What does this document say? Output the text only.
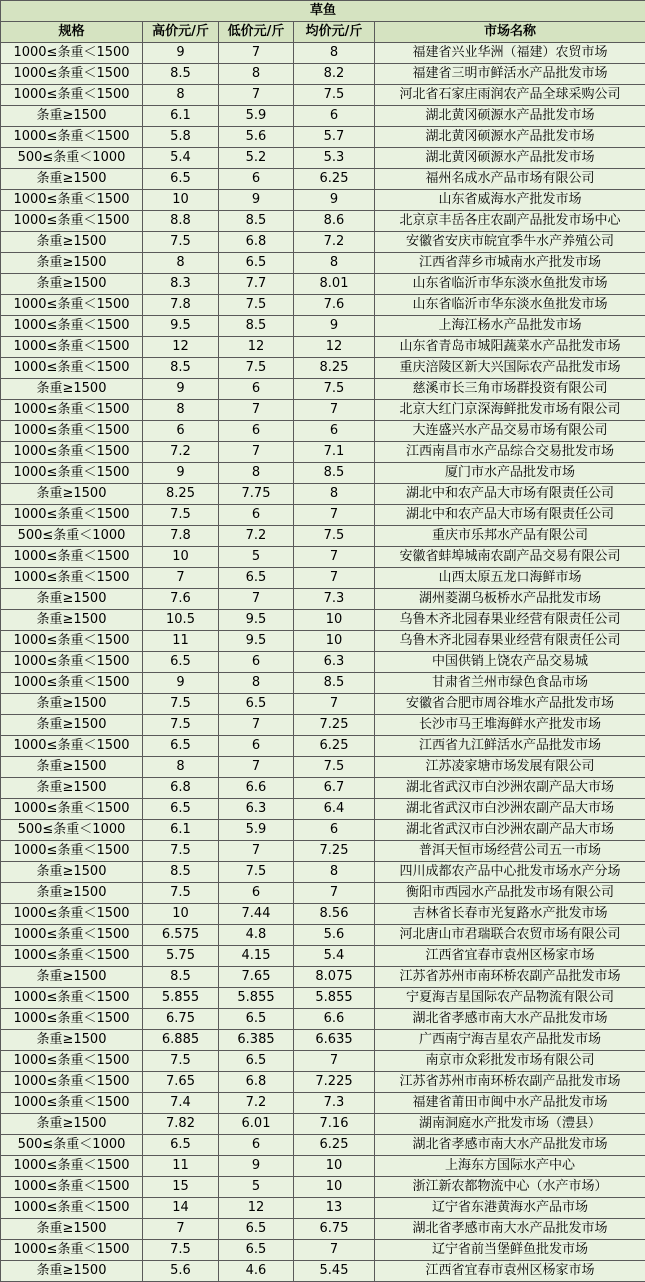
草鱼				
规格	高价元/斤	低价元/斤	均价元/斤	市场名称
1000≤条重＜1500	9	7	8	福建省兴业华洲（福建）农贸市场
1000≤条重＜1500	8.5	8	8.2	福建省三明市鲜活水产品批发市场
1000≤条重＜1500	8	7	7.5	河北省石家庄雨润农产品全球采购公司
条重≥1500	6.1	5.9	6	湖北黄冈硕源水产品批发市场
1000≤条重＜1500	5.8	5.6	5.7	湖北黄冈硕源水产品批发市场
500≤条重＜1000	5.4	5.2	5.3	湖北黄冈硕源水产品批发市场
条重≥1500	6.5	6	6.25	福州名成水产品市场有限公司
1000≤条重＜1500	10	9	9	山东省威海水产批发市场
1000≤条重＜1500	8.8	8.5	8.6	北京京丰岳各庄农副产品批发市场中心
条重≥1500	7.5	6.8	7.2	安徽省安庆市皖宜季牛水产养殖公司
条重≥1500	8	6.5	8	江西省萍乡市城南水产批发市场
条重≥1500	8.3	7.7	8.01	山东省临沂市华东淡水鱼批发市场
1000≤条重＜1500	7.8	7.5	7.6	山东省临沂市华东淡水鱼批发市场
1000≤条重＜1500	9.5	8.5	9	上海江杨水产品批发市场
1000≤条重＜1500	12	12	12	山东省青岛市城阳蔬菜水产品批发市场
1000≤条重＜1500	8.5	7.5	8.25	重庆涪陵区新大兴国际农产品批发市场
条重≥1500	9	6	7.5	慈溪市长三角市场群投资有限公司
1000≤条重＜1500	8	7	7	北京大红门京深海鲜批发市场有限公司
1000≤条重＜1500	6	6	6	大连盛兴水产品交易市场有限公司
1000≤条重＜1500	7.2	7	7.1	江西南昌市水产品综合交易批发市场
1000≤条重＜1500	9	8	8.5	厦门市水产品批发市场
条重≥1500	8.25	7.75	8	湖北中和农产品大市场有限责任公司
1000≤条重＜1500	7.5	6	7	湖北中和农产品大市场有限责任公司
500≤条重＜1000	7.8	7.2	7.5	重庆市乐邦水产品有限公司
1000≤条重＜1500	10	5	7	安徽省蚌埠城南农副产品交易有限公司
1000≤条重＜1500	7	6.5	7	山西太原五龙口海鲜市场
条重≥1500	7.6	7	7.3	湖州菱湖乌板桥水产品批发市场
条重≥1500	10.5	9.5	10	乌鲁木齐北园春果业经营有限责任公司
1000≤条重＜1500	11	9.5	10	乌鲁木齐北园春果业经营有限责任公司
1000≤条重＜1500	6.5	6	6.3	中国供销上饶农产品交易城
1000≤条重＜1500	9	8	8.5	甘肃省兰州市绿色食品市场
条重≥1500	7.5	6.5	7	安徽省合肥市周谷堆水产品批发市场
条重≥1500	7.5	7	7.25	长沙市马王堆海鲜水产批发市场
1000≤条重＜1500	6.5	6	6.25	江西省九江鲜活水产品批发市场
条重≥1500	8	7	7.5	江苏凌家塘市场发展有限公司
条重≥1500	6.8	6.6	6.7	湖北省武汉市白沙洲农副产品大市场
1000≤条重＜1500	6.5	6.3	6.4	湖北省武汉市白沙洲农副产品大市场
500≤条重＜1000	6.1	5.9	6	湖北省武汉市白沙洲农副产品大市场
1000≤条重＜1500	7.5	7	7.25	普洱天恒市场经营公司五一市场
条重≥1500	8.5	7.5	8	四川成都农产品中心批发市场水产分场
条重≥1500	7.5	6	7	衡阳市西园水产品批发市场有限公司
1000≤条重＜1500	10	7.44	8.56	吉林省长春市光复路水产批发市场
1000≤条重＜1500	6.575	4.8	5.6	河北唐山市君瑞联合农贸市场有限公司
1000≤条重＜1500	5.75	4.15	5.4	江西省宜春市袁州区杨家市场
条重≥1500	8.5	7.65	8.075	江苏省苏州市南环桥农副产品批发市场
1000≤条重＜1500	5.855	5.855	5.855	宁夏海吉星国际农产品物流有限公司
1000≤条重＜1500	6.75	6.5	6.6	湖北省孝感市南大水产品批发市场
条重≥1500	6.885	6.385	6.635	广西南宁海吉星农产品批发市场
1000≤条重＜1500	7.5	6.5	7	南京市众彩批发市场有限公司
1000≤条重＜1500	7.65	6.8	7.225	江苏省苏州市南环桥农副产品批发市场
1000≤条重＜1500	7.4	7.2	7.3	福建省莆田市闽中水产品批发市场
条重≥1500	7.82	6.01	7.16	湖南洞庭水产批发市场（澧县）
500≤条重＜1000	6.5	6	6.25	湖北省孝感市南大水产品批发市场
1000≤条重＜1500	11	9	10	上海东方国际水产中心
1000≤条重＜1500	15	5	10	浙江新农都物流中心（水产市场）
1000≤条重＜1500	14	12	13	辽宁省东港黄海水产品市场
条重≥1500	7	6.5	6.75	湖北省孝感市南大水产品批发市场
1000≤条重＜1500	7.5	6.5	7	辽宁省前当堡鲜鱼批发市场
条重≥1500	5.6	4.6	5.45	江西省宜春市袁州区杨家市场
